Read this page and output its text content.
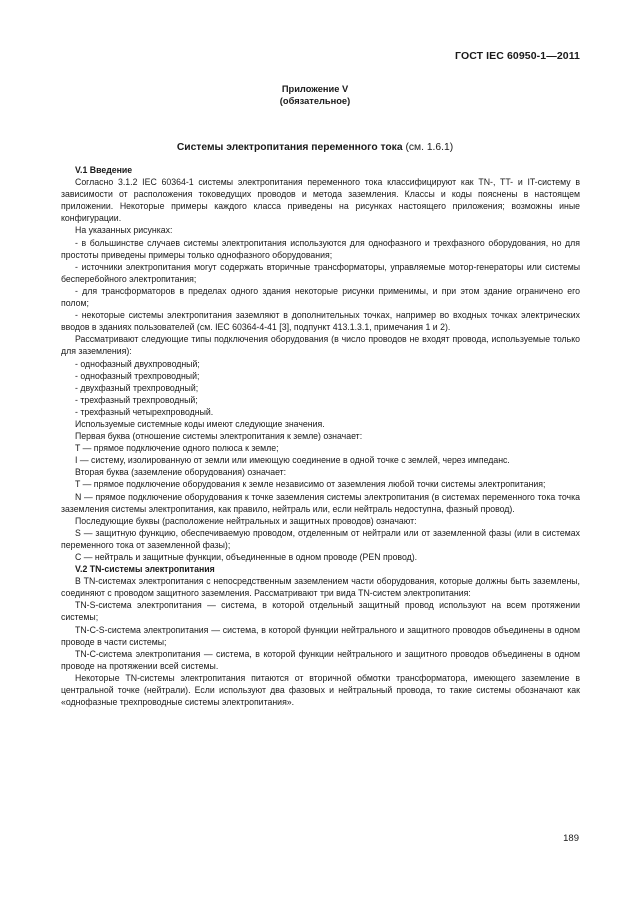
ГОСТ IEC 60950-1—2011
Приложение V
(обязательное)
Системы электропитания переменного тока (см. 1.6.1)

V.1 Введение

Согласно 3.1.2 IEC 60364-1 системы электропитания переменного тока классифицируют как TN-, TT- и IT-систему в зависимости от расположения токоведущих проводов и метода заземления. Классы и коды пояснены в настоящем приложении. Некоторые примеры каждого класса приведены на рисунках настоящего приложения; возможны иные конфигурации.

На указанных рисунках:

- в большинстве случаев системы электропитания используются для однофазного и трехфазного оборудования, но для простоты приведены примеры только однофазного оборудования;

- источники электропитания могут содержать вторичные трансформаторы, управляемые мотор-генераторы или системы бесперебойного электропитания;

- для трансформаторов в пределах одного здания некоторые рисунки применимы, и при этом здание ограничено его полом;

- некоторые системы электропитания заземляют в дополнительных точках, например во входных точках электрических вводов в зданиях пользователей (см. IEC 60364-4-41 [3], подпункт 413.1.3.1, примечания 1 и 2).

Рассматривают следующие типы подключения оборудования (в число проводов не входят провода, используемые только для заземления):

- однофазный двухпроводный;

- однофазный трехпроводный;

- двухфазный трехпроводный;

- трехфазный трехпроводный;

- трехфазный четырехпроводный.

Используемые системные коды имеют следующие значения.

Первая буква (отношение системы электропитания к земле) означает:

T — прямое подключение одного полюса к земле;

I — систему, изолированную от земли или имеющую соединение в одной точке с землей, через импеданс.

Вторая буква (заземление оборудования) означает:

T — прямое подключение оборудования к земле независимо от заземления любой точки системы электропитания;

N — прямое подключение оборудования к точке заземления системы электропитания (в системах переменного тока точка заземления системы электропитания, как правило, нейтраль или, если нейтраль недоступна, фазный провод).

Последующие буквы (расположение нейтральных и защитных проводов) означают:

S — защитную функцию, обеспечиваемую проводом, отделенным от нейтрали или от заземленной фазы (или в системах переменного тока от заземленной фазы);

C — нейтраль и защитные функции, объединенные в одном проводе (PEN провод).

V.2 TN-системы электропитания

В TN-системах электропитания с непосредственным заземлением части оборудования, которые должны быть заземлены, соединяют с проводом защитного заземления. Рассматривают три вида TN-систем электропитания:

TN-S-система электропитания — система, в которой отдельный защитный провод используют на всем протяжении системы;

TN-C-S-система электропитания — система, в которой функции нейтрального и защитного проводов объединены в одном проводе в части системы;

TN-C-система электропитания — система, в которой функции нейтрального и защитного проводов объединены в одном проводе на протяжении всей системы.

Некоторые TN-системы электропитания питаются от вторичной обмотки трансформатора, имеющего заземление в центральной точке (нейтрали). Если используют два фазовых и нейтральный провода, то такие системы обозначают как «однофазные трехпроводные системы электропитания».

189
